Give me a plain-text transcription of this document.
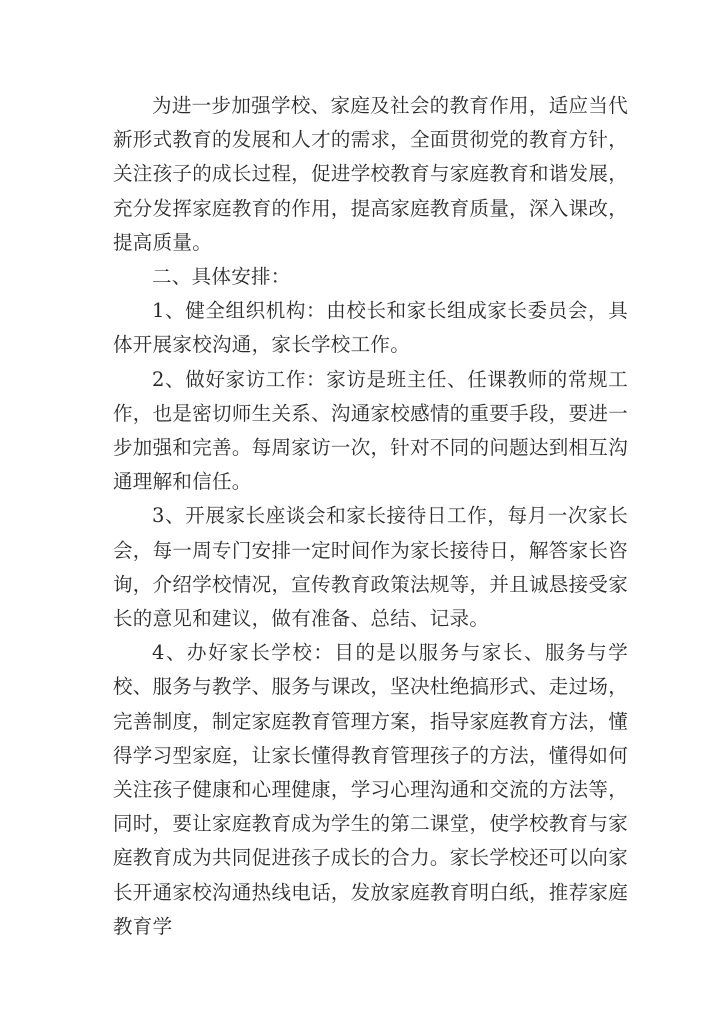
为进一步加强学校、家庭及社会的教育作用，适应当代新形式教育的发展和人才的需求，全面贯彻党的教育方针，关注孩子的成长过程，促进学校教育与家庭教育和谐发展，充分发挥家庭教育的作用，提高家庭教育质量，深入课改，提高质量。

二、具体安排：

1、健全组织机构：由校长和家长组成家长委员会，具体开展家校沟通，家长学校工作。

2、做好家访工作：家访是班主任、任课教师的常规工作，也是密切师生关系、沟通家校感情的重要手段，要进一步加强和完善。每周家访一次，针对不同的问题达到相互沟通理解和信任。

3、开展家长座谈会和家长接待日工作，每月一次家长会，每一周专门安排一定时间作为家长接待日，解答家长咨询，介绍学校情况，宣传教育政策法规等，并且诚恳接受家长的意见和建议，做有准备、总结、记录。

4、办好家长学校：目的是以服务与家长、服务与学校、服务与教学、服务与课改，坚决杜绝搞形式、走过场，完善制度，制定家庭教育管理方案，指导家庭教育方法，懂得学习型家庭，让家长懂得教育管理孩子的方法，懂得如何关注孩子健康和心理健康，学习心理沟通和交流的方法等，同时，要让家庭教育成为学生的第二课堂，使学校教育与家庭教育成为共同促进孩子成长的合力。家长学校还可以向家长开通家校沟通热线电话，发放家庭教育明白纸，推荐家庭教育学
